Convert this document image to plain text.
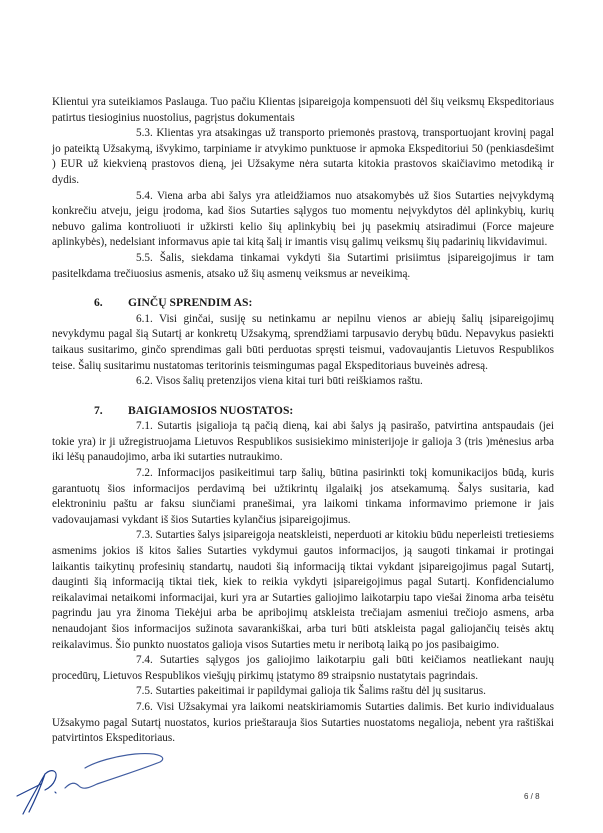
Klientui yra suteikiamos Paslauga. Tuo pačiu Klientas įsipareigoja kompensuoti dėl šių veiksmų Ekspeditoriaus patirtus tiesioginius nuostolius, pagrįstus dokumentais

5.3. Klientas yra atsakingas už transporto priemonės prastovą, transportuojant krovinį pagal jo pateiktą Užsakymą, išvykimo, tarpiniame ir atvykimo punktuose ir apmoka Ekspeditoriui 50 (penkiasdešimt ) EUR už kiekvieną prastovos dieną, jei Užsakyme nėra sutarta kitokia prastovos skaičiavimo metodiką ir dydis.

5.4. Viena arba abi šalys yra atleidžiamos nuo atsakomybės už šios Sutarties neįvykdymą konkrečiu atveju, jeigu įrodoma, kad šios Sutarties sąlygos tuo momentu neįvykdytos dėl aplinkybių, kurių nebuvo galima kontroliuoti ir užkirsti kelio šių aplinkybių bei jų pasekmių atsiradimui (Force majeure aplinkybės), nedelsiant informavus apie tai kitą šalį ir imantis visų galimų veiksmų šių padarinių likvidavimui.

5.5. Šalis, siekdama tinkamai vykdyti šia Sutartimi prisiimtus įsipareigojimus ir tam pasitelkdama trečiuosius asmenis, atsako už šių asmenų veiksmus ar neveikimą.

6. GINČŲ SPRENDIM AS:

6.1. Visi ginčai, susiję su netinkamu ar nepilnu vienos ar abiejų šalių įsipareigojimų nevykdymu pagal šią Sutartį ar konkretų Užsakymą, sprendžiami tarpusavio derybų būdu. Nepavykus pasiekti taikaus susitarimo, ginčo sprendimas gali būti perduotas spręsti teismui, vadovaujantis Lietuvos Respublikos teise. Šalių susitarimu nustatomas teritorinis teismingumas pagal Ekspeditoriaus buveinės adresą.

6.2. Visos šalių pretenzijos viena kitai turi būti reiškiamos raštu.

7. BAIGIAMOSIOS NUOSTATOS:

7.1. Sutartis įsigalioja tą pačią dieną, kai abi šalys ją pasirašo, patvirtina antspaudais (jei tokie yra) ir ji užregistruojama Lietuvos Respublikos susisiekimo ministerijoje ir galioja 3 (tris )mėnesius arba iki lėšų panaudojimo, arba iki sutarties nutraukimo.

7.2. Informacijos pasikeitimui tarp šalių, būtina pasirinkti tokį komunikacijos būdą, kuris garantuotų šios informacijos perdavimą bei užtikrintų ilgalaikį jos atsekamumą. Šalys susitaria, kad elektroniniu paštu ar faksu siunčiami pranešimai, yra laikomi tinkama informavimo priemone ir jais vadovaujamasi vykdant iš šios Sutarties kylančius įsipareigojimus.

7.3. Sutarties šalys įsipareigoja neatskleisti, neperduoti ar kitokiu būdu neperleisti tretiesiems asmenims jokios iš kitos šalies Sutarties vykdymui gautos informacijos, ją saugoti tinkamai ir protingai laikantis taikytinų profesinių standartų, naudoti šią informaciją tiktai vykdant įsipareigojimus pagal Sutartį, dauginti šią informaciją tiktai tiek, kiek to reikia vykdyti įsipareigojimus pagal Sutartį. Konfidencialumo reikalavimai netaikomi informacijai, kuri yra ar Sutarties galiojimo laikotarpiu tapo viešai žinoma arba teisėtu pagrindu jau yra žinoma Tiekėjui arba be apribojimų atskleista trečiajam asmeniui trečiojo asmens, arba nenaudojant šios informacijos sužinota savarankiškai, arba turi būti atskleista pagal galiojančių teisės aktų reikalavimus. Šio punkto nuostatos galioja visos Sutarties metu ir neribotą laiką po jos pasibaigimo.

7.4. Sutarties sąlygos jos galiojimo laikotarpiu gali būti keičiamos neatliekant naujų procedūrų, Lietuvos Respublikos viešųjų pirkimų įstatymo 89 straipsnio nustatytais pagrindais.

7.5. Sutarties pakeitimai ir papildymai galioja tik Šalims raštu dėl jų susitarus.

7.6. Visi Užsakymai yra laikomi neatskiriamomis Sutarties dalimis. Bet kurio individualaus Užsakymo pagal Sutartį nuostatos, kurios prieštarauja šios Sutarties nuostatoms negalioja, nebent yra raštiškai patvirtintos Ekspeditoriaus.

6 / 8
